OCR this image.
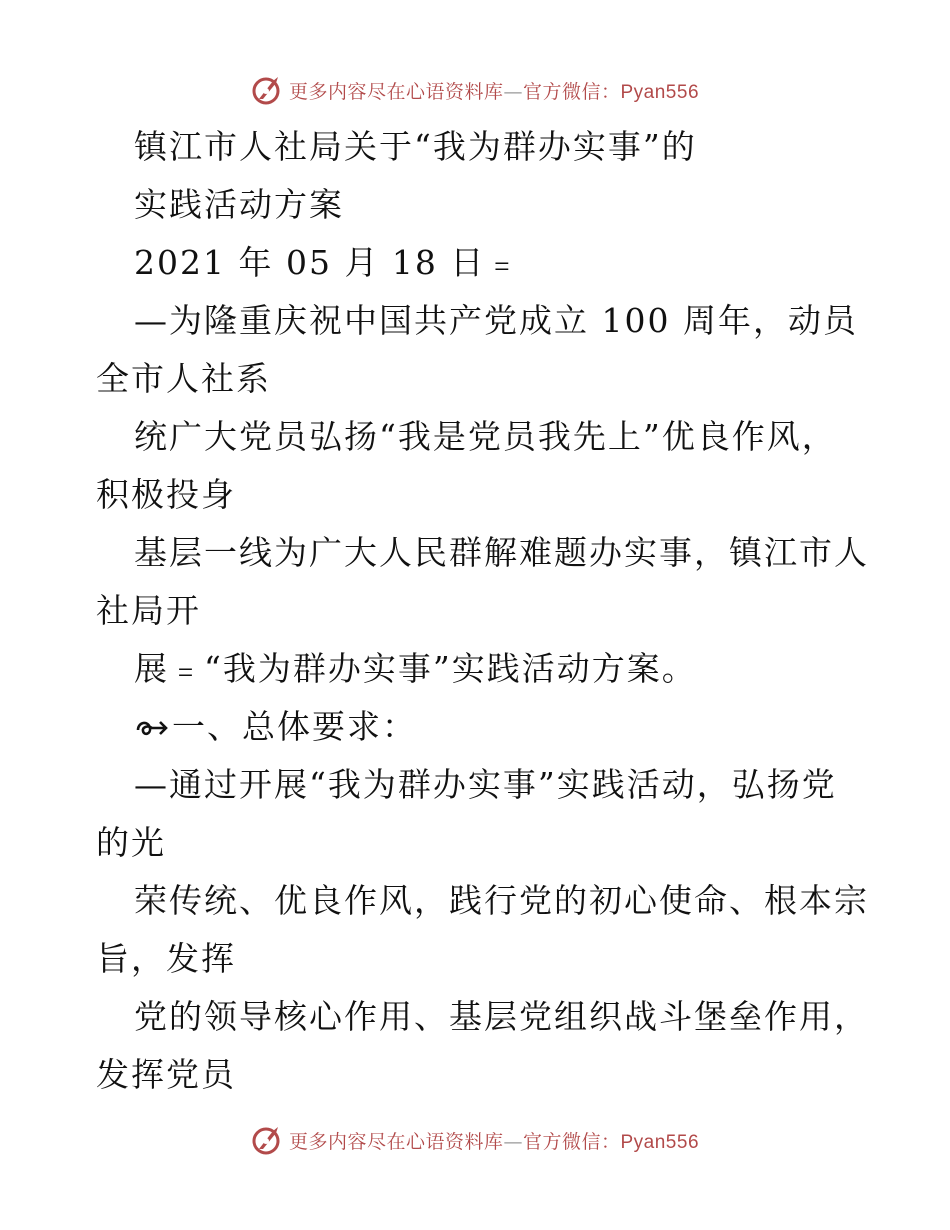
更多内容尽在心语资料库—官方微信：Pyan556
镇江市人社局关于“我为群办实事”的
实践活动方案
2021 年 05 月 18 日﹦
—为隆重庆祝中国共产党成立 100 周年，动员
全市人社系
统广大党员弘扬“我是党员我先上”优良作风，
积极投身
基层一线为广大人民群解难题办实事，镇江市人
社局开
展﹦“我为群办实事”实践活动方案。
一、总体要求：
—通过开展“我为群办实事”实践活动，弘扬党
的光
荣传统、优良作风，践行党的初心使命、根本宗
旨，发挥
党的领导核心作用、基层党组织战斗堡垒作用，
发挥党员
更多内容尽在心语资料库—官方微信：Pyan556
